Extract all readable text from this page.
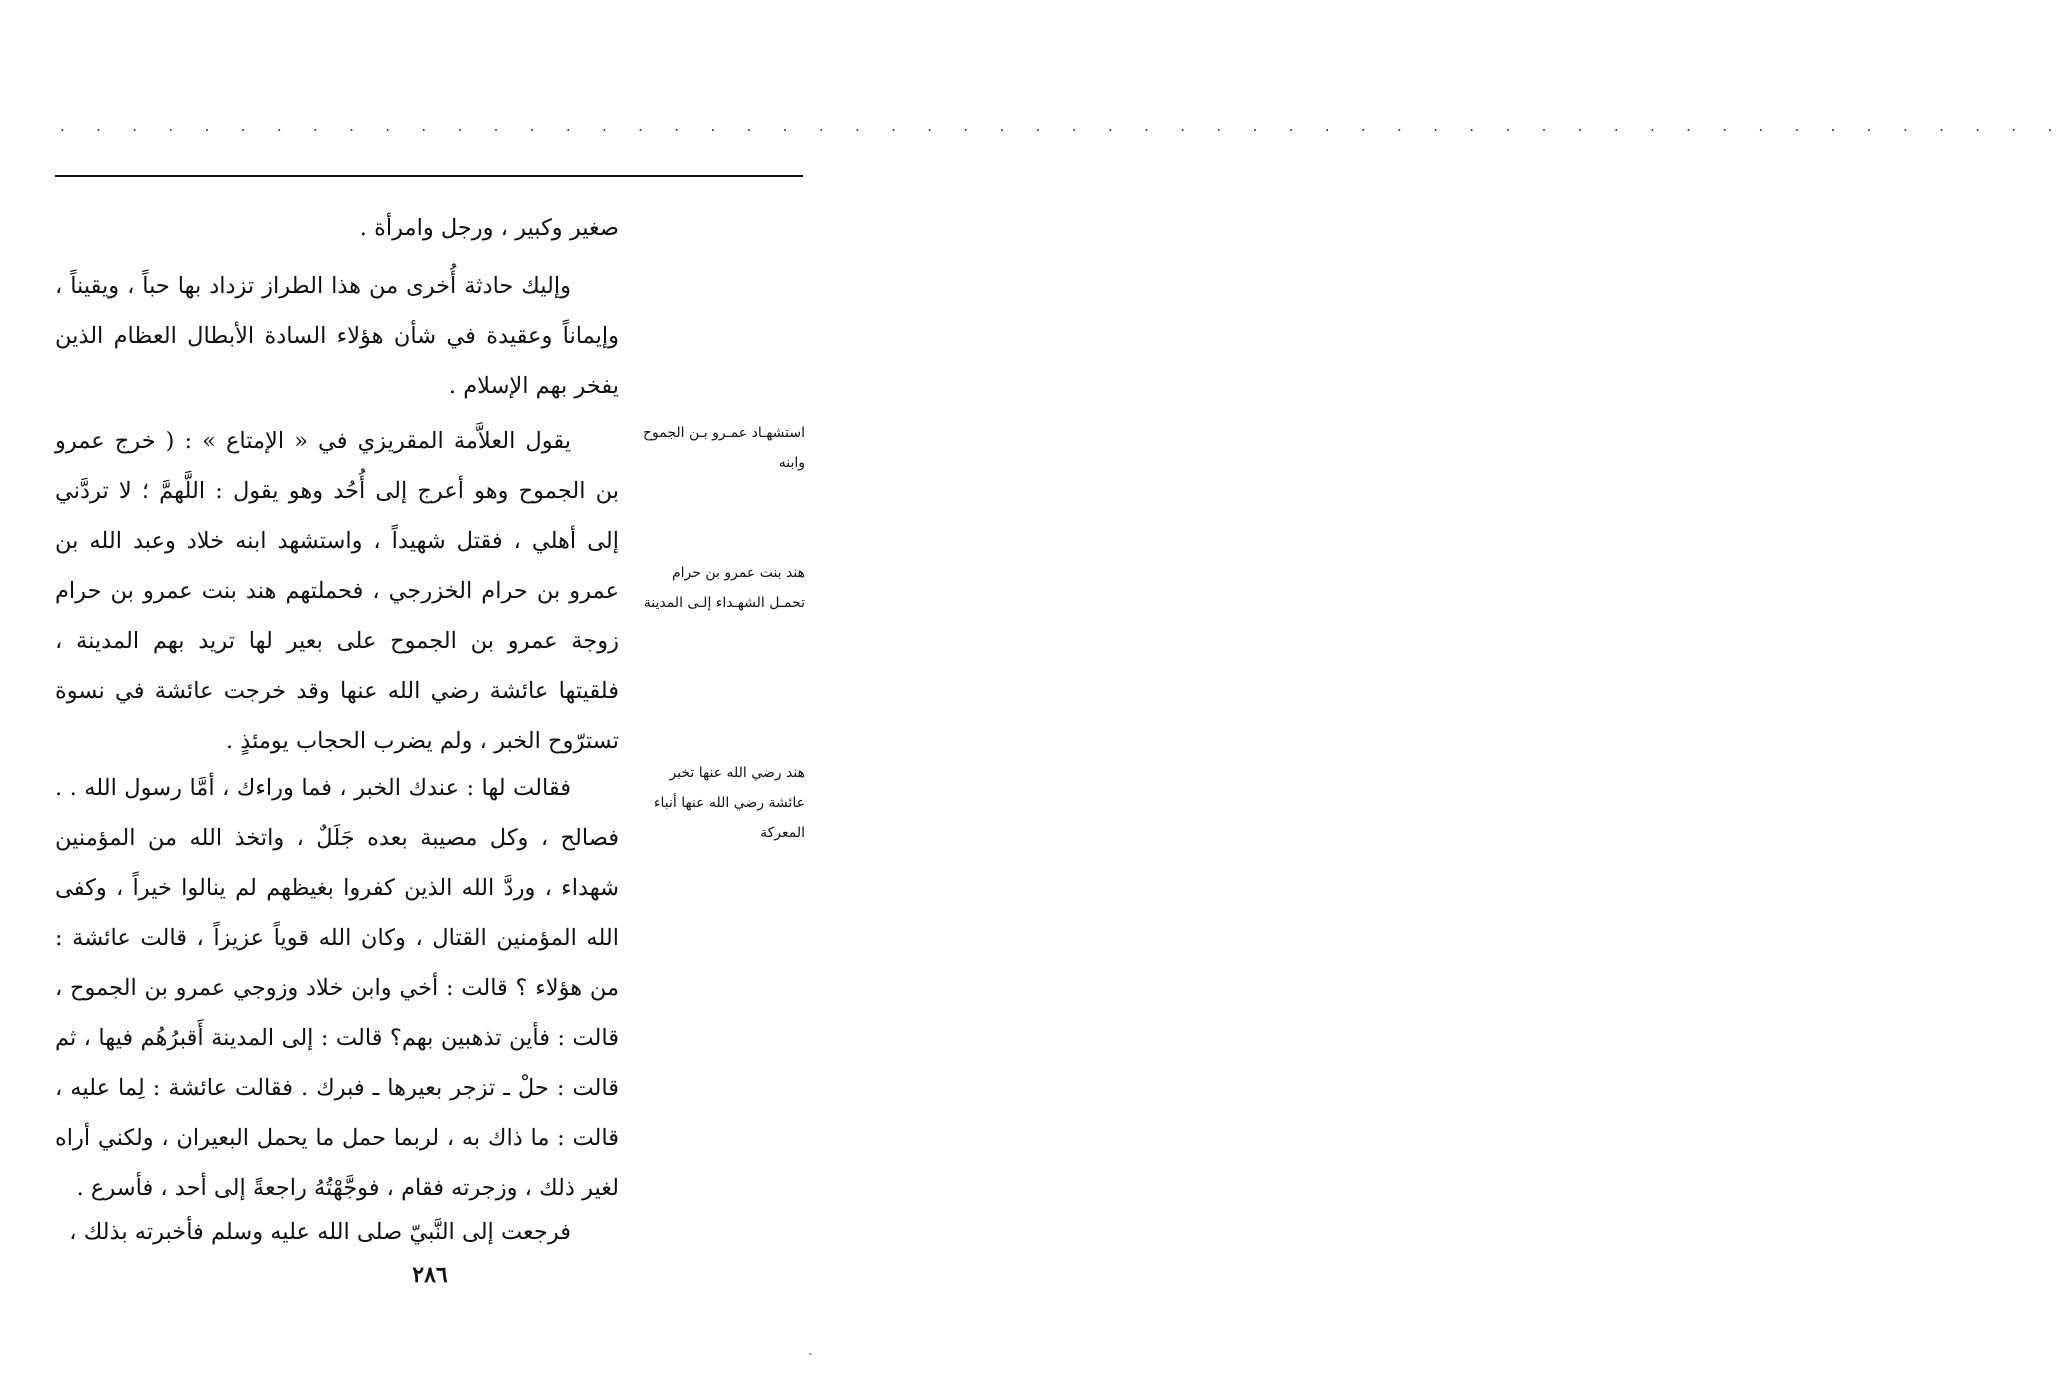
. . . . . . . . . . . . . . . . . . . . . . . . . . . . . . . . . . . . . . . . . . . . . . . . . . . . . . . .
صغير وكبير ، ورجل وامرأة .
وإليك حادثة أُخرى من هذا الطراز تزداد بها حباً ، ويقيناً ، وإيماناً وعقيدة في شأن هؤلاء السادة الأبطال العظام الذين يفخر بهم الإسلام .
يقول العلاَّمة المقريزي في « الإمتاع » : ( خرج عمرو بن الجموح وهو أعرج إلى أُحُد وهو يقول : اللَّهمَّ ؛ لا تردَّني إلى أهلي ، فقتل شهيداً ، واستشهد ابنه خلاد وعبد الله بن عمرو بن حرام الخزرجي ، فحملتهم هند بنت عمرو بن حرام زوجة عمرو بن الجموح على بعير لها تريد بهم المدينة ، فلقيتها عائشة رضي الله عنها وقد خرجت عائشة في نسوة تسترّوح الخبر ، ولم يضرب الحجاب يومئذٍ .
فقالت لها : عندك الخبر ، فما وراءك ، أمَّا رسول الله . . فصالح ، وكل مصيبة بعده جَلَلٌ ، واتخذ الله من المؤمنين شهداء ، وردَّ الله الذين كفروا بغيظهم لم ينالوا خيراً ، وكفى الله المؤمنين القتال ، وكان الله قوياً عزيزاً ، قالت عائشة : من هؤلاء ؟ قالت : أخي وابن خلاد وزوجي عمرو بن الجموح ، قالت : فأين تذهبين بهم؟ قالت : إلى المدينة أَقبرُهُم فيها ، ثم قالت : حلْ ـ تزجر بعيرها ـ فبرك . فقالت عائشة : لِما عليه ، قالت : ما ذاك به ، لربما حمل ما يحمل البعيران ، ولكني أراه لغير ذلك ، وزجرته فقام ، فوجَّهْتُهُ راجعةً إلى أحد ، فأسرع .
فرجعت إلى النَّبيّ صلى الله عليه وسلم فأخبرته بذلك ،
استشهـاد عمـرو بـن الجموح وابنه
هند بنت عمرو بن حرام تحمـل الشهـداء إلـى المدينة
هند رضي الله عنها تخبر عائشة رضي الله عنها أنباء المعركة
٢٨٦
.
